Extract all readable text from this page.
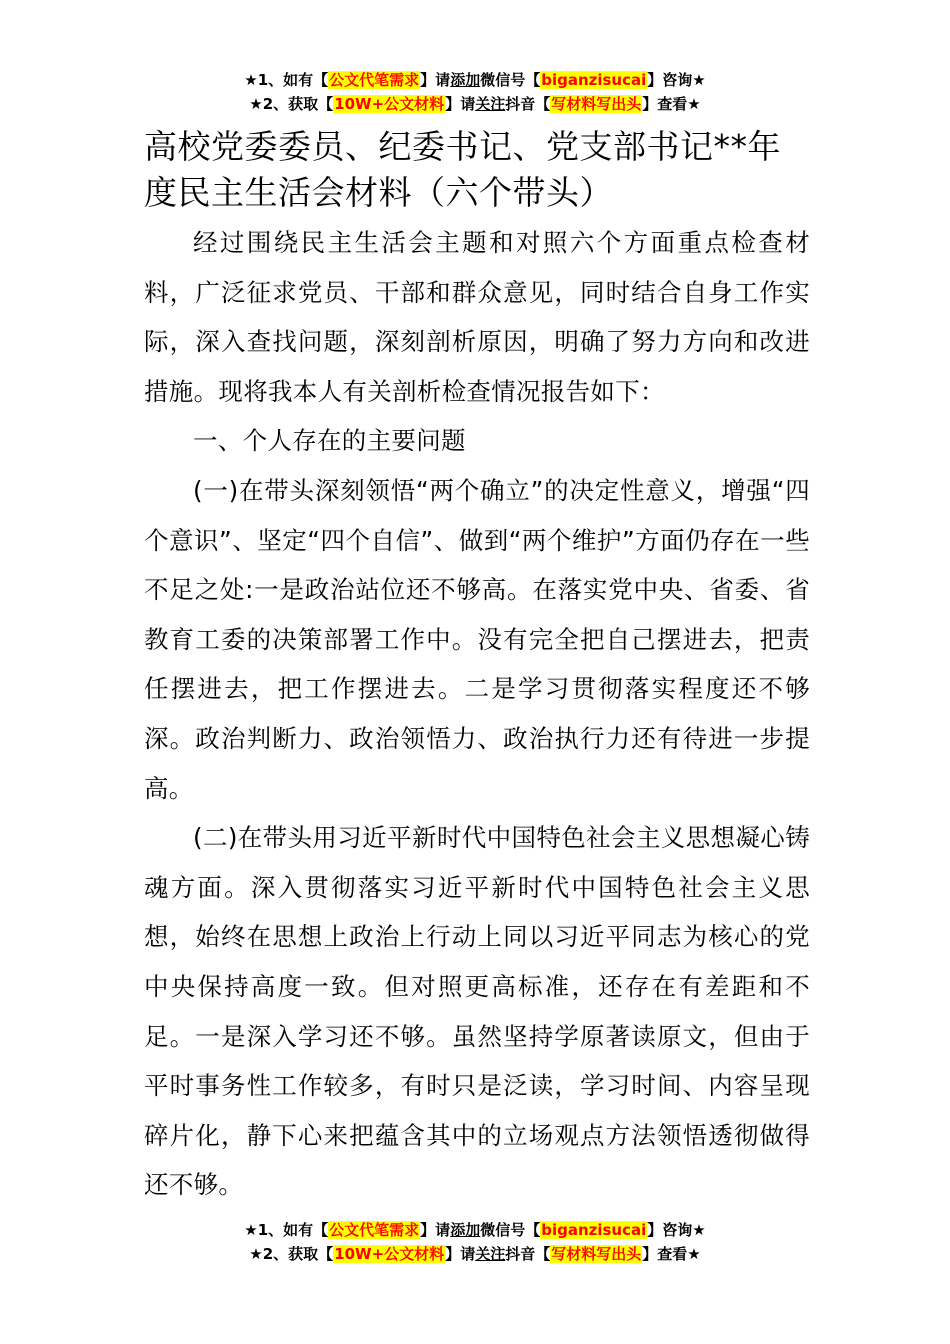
★1、如有【公文代笔需求】请添加微信号【biganzisucai】咨询★
★2、获取【10W+公文材料】请关注抖音【写材料写出头】查看★
高校党委委员、纪委书记、党支部书记**年度民主生活会材料（六个带头）

经过围绕民主生活会主题和对照六个方面重点检查材料，广泛征求党员、干部和群众意见，同时结合自身工作实际，深入查找问题，深刻剖析原因，明确了努力方向和改进措施。现将我本人有关剖析检查情况报告如下：

一、个人存在的主要问题

(一)在带头深刻领悟“两个确立”的决定性意义，增强“四个意识”、坚定“四个自信”、做到“两个维护”方面仍存在一些不足之处:一是政治站位还不够高。在落实党中央、省委、省教育工委的决策部署工作中。没有完全把自己摆进去，把责任摆进去，把工作摆进去。二是学习贯彻落实程度还不够深。政治判断力、政治领悟力、政治执行力还有待进一步提高。

(二)在带头用习近平新时代中国特色社会主义思想凝心铸魂方面。深入贯彻落实习近平新时代中国特色社会主义思想，始终在思想上政治上行动上同以习近平同志为核心的党中央保持高度一致。但对照更高标准，还存在有差距和不足。一是深入学习还不够。虽然坚持学原著读原文，但由于平时事务性工作较多，有时只是泛读，学习时间、内容呈现碎片化，静下心来把蕴含其中的立场观点方法领悟透彻做得还不够。

★1、如有【公文代笔需求】请添加微信号【biganzisucai】咨询★
★2、获取【10W+公文材料】请关注抖音【写材料写出头】查看★
